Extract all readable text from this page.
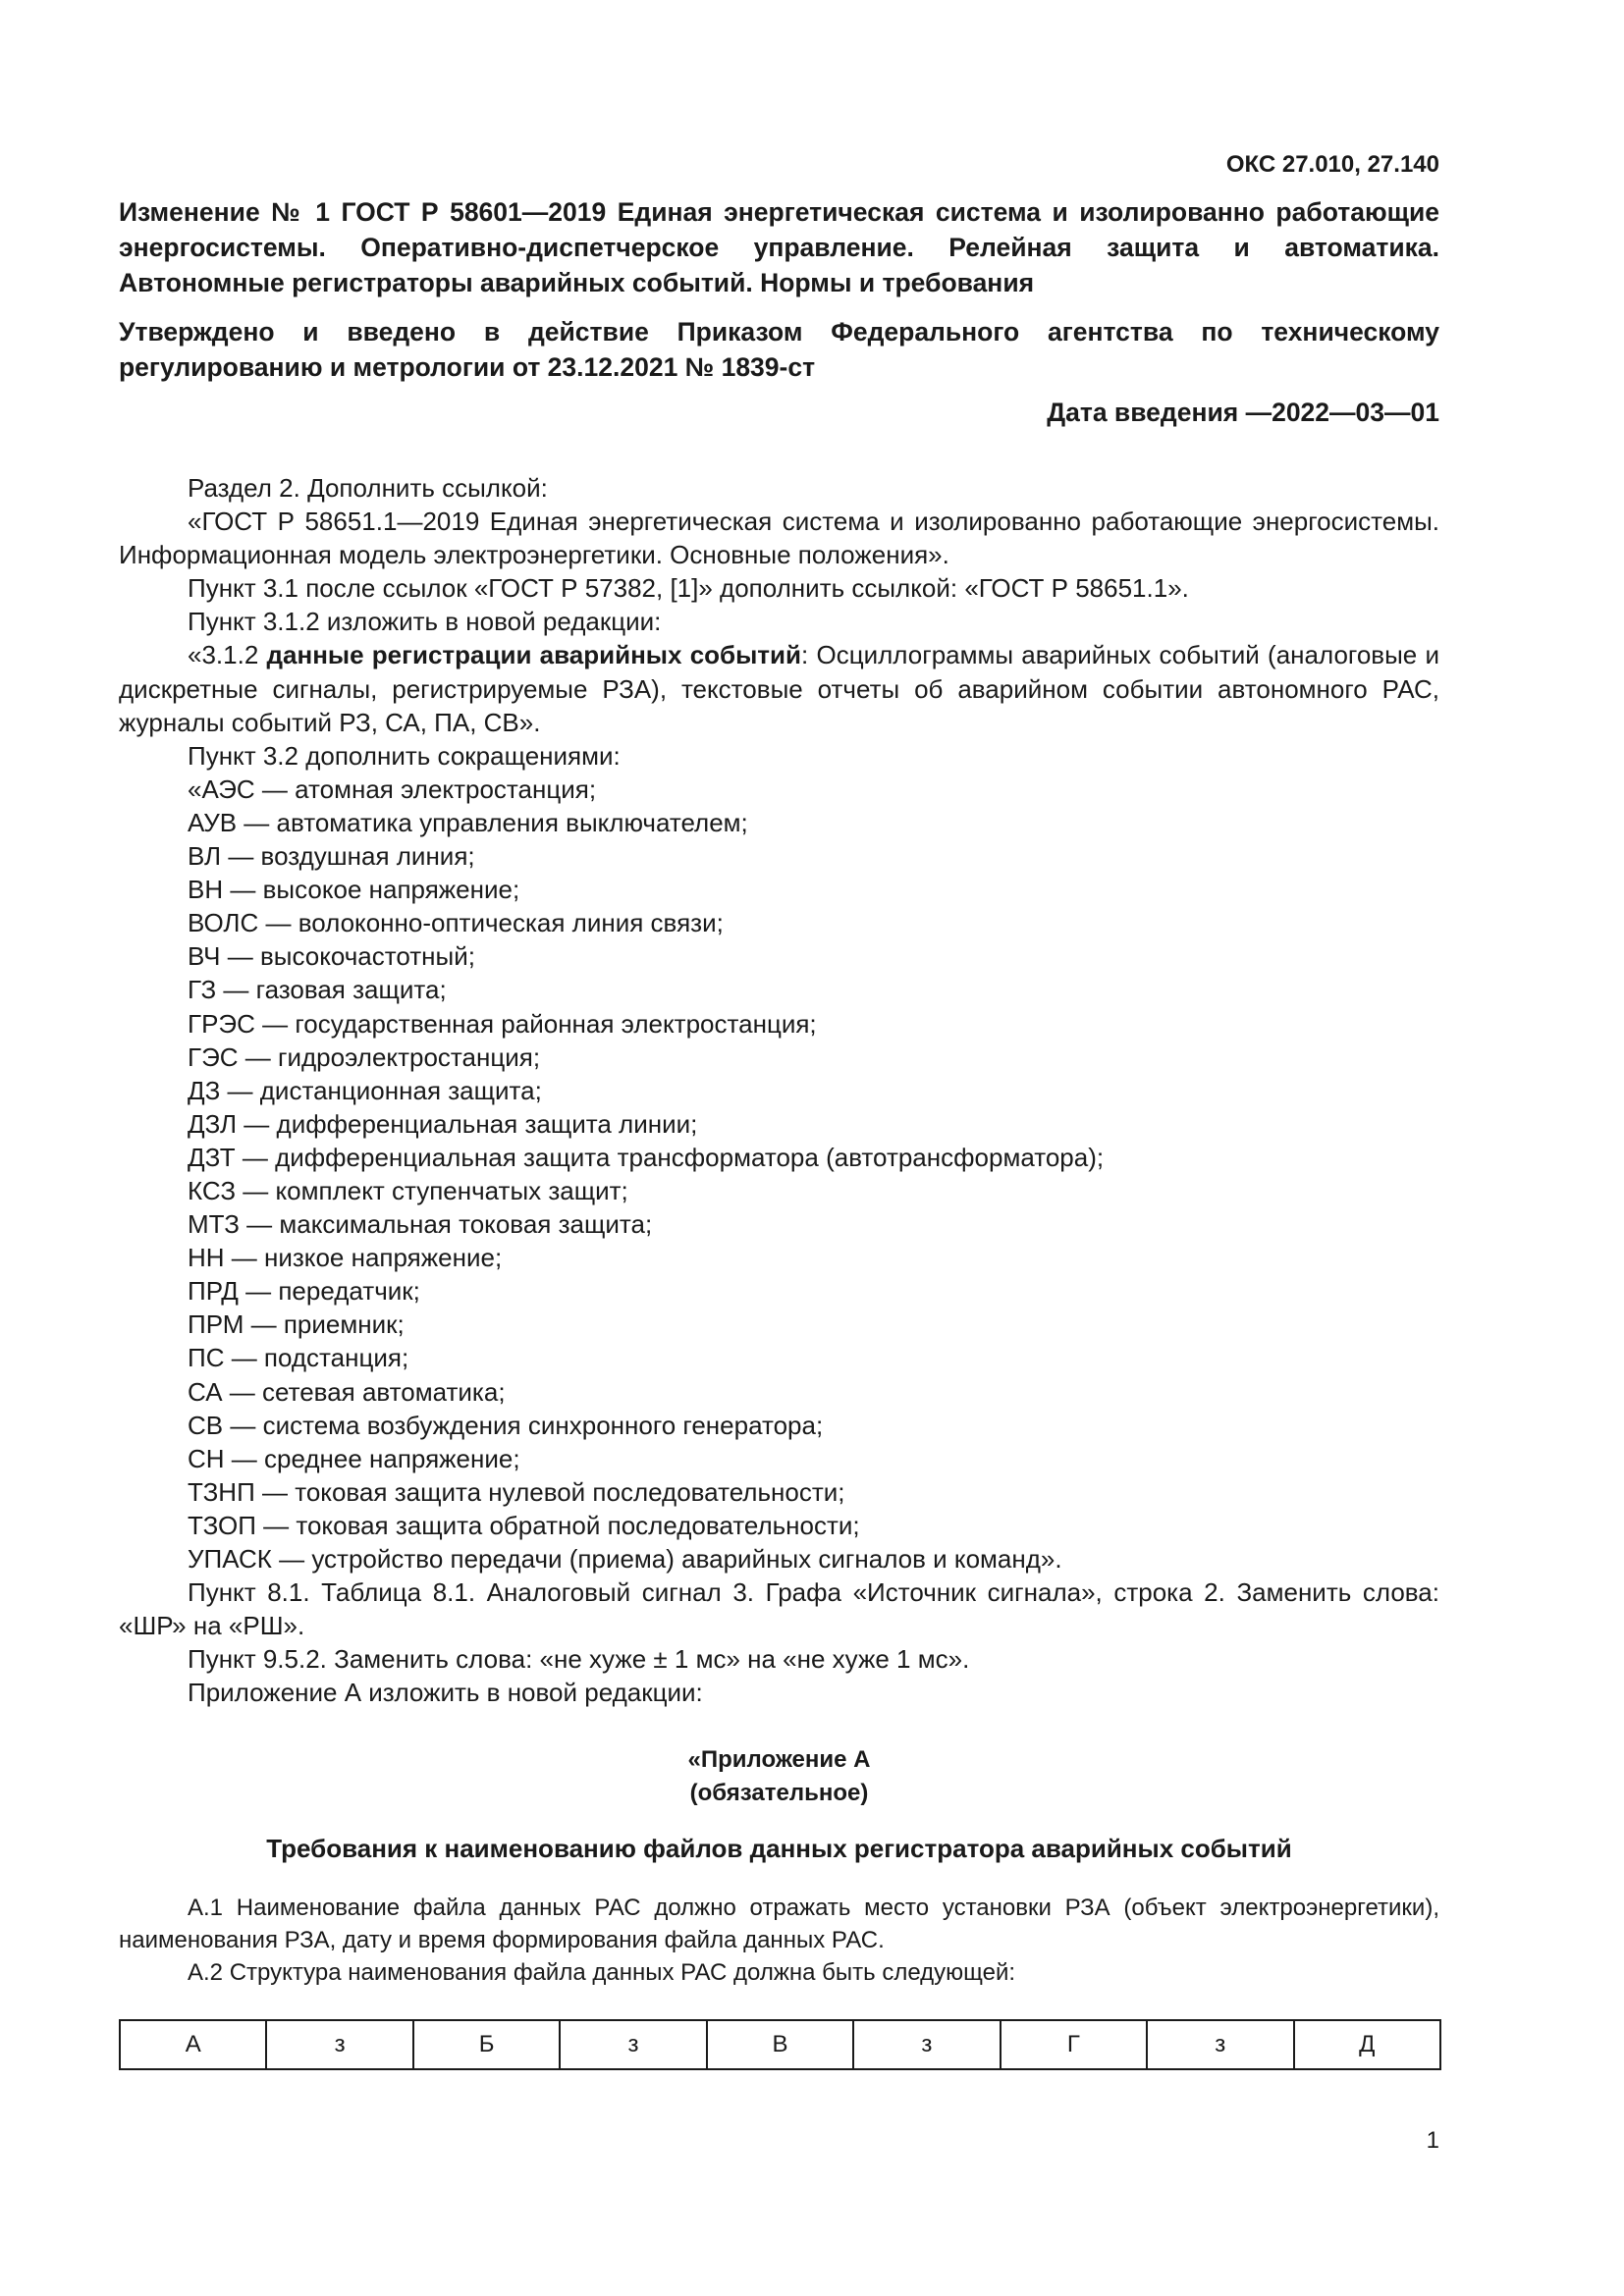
ОКС 27.010, 27.140
Изменение № 1 ГОСТ Р 58601—2019 Единая энергетическая система и изолированно работающие энергосистемы. Оперативно-диспетчерское управление. Релейная защита и автоматика. Автономные регистраторы аварийных событий. Нормы и требования
Утверждено и введено в действие Приказом Федерального агентства по техническому регулированию и метрологии от 23.12.2021 № 1839-ст
Дата введения —2022—03—01

Раздел 2. Дополнить ссылкой:

«ГОСТ Р 58651.1—2019 Единая энергетическая система и изолированно работающие энергосистемы. Информационная модель электроэнергетики. Основные положения».

Пункт 3.1 после ссылок «ГОСТ Р 57382, [1]» дополнить ссылкой: «ГОСТ Р 58651.1».

Пункт 3.1.2 изложить в новой редакции:

«3.1.2 данные регистрации аварийных событий: Осциллограммы аварийных событий (аналоговые и дискретные сигналы, регистрируемые РЗА), текстовые отчеты об аварийном событии автономного РАС, журналы событий РЗ, СА, ПА, СВ».

Пункт 3.2 дополнить сокращениями:

«АЭС — атомная электростанция;

АУВ — автоматика управления выключателем;

ВЛ — воздушная линия;

ВН — высокое напряжение;

ВОЛС — волоконно-оптическая линия связи;

ВЧ — высокочастотный;

ГЗ — газовая защита;

ГРЭС — государственная районная электростанция;

ГЭС — гидроэлектростанция;

ДЗ — дистанционная защита;

ДЗЛ — дифференциальная защита линии;

ДЗТ — дифференциальная защита трансформатора (автотрансформатора);

КСЗ — комплект ступенчатых защит;

МТЗ — максимальная токовая защита;

НН — низкое напряжение;

ПРД — передатчик;

ПРМ — приемник;

ПС — подстанция;

СА — сетевая автоматика;

СВ — система возбуждения синхронного генератора;

СН — среднее напряжение;

ТЗНП — токовая защита нулевой последовательности;

ТЗОП — токовая защита обратной последовательности;

УПАСК — устройство передачи (приема) аварийных сигналов и команд».

Пункт 8.1. Таблица 8.1. Аналоговый сигнал 3. Графа «Источник сигнала», строка 2. Заменить слова: «ШР» на «РШ».

Пункт 9.5.2. Заменить слова: «не хуже ± 1 мс» на «не хуже 1 мс».

Приложение А изложить в новой редакции:

«Приложение А
(обязательное)
Требования к наименованию файлов данных регистратора аварийных событий

А.1 Наименование файла данных РАС должно отражать место установки РЗА (объект электроэнергетики), наименования РЗА, дату и время формирования файла данных РАС.

А.2 Структура наименования файла данных РАС должна быть следующей:

А	з	Б	з	В	з	Г	з	Д
1
